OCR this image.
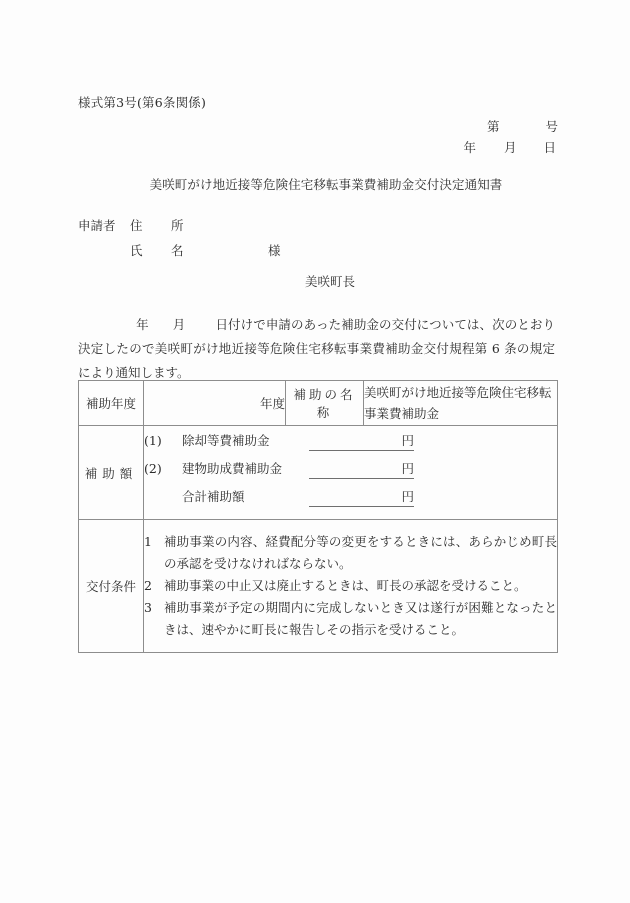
様式第3号(第6条関係)
第	号
年 月 日
美咲町がけ地近接等危険住宅移転事業費補助金交付決定通知書
申請者	住　所
氏　名	様
美咲町長
年 月 日付けで申請のあった補助金の交付については、次のとおり決定したので美咲町がけ地近接等危険住宅移転事業費補助金交付規程第 6 条の規定により通知します。
補助年度	年度	補助の名称	美咲町がけ地近接等危険住宅移転事業費補助金
補助額	
(1)	除却等費補助金	円
(2)	建物助成費補助金	円
合計補助額	円

交付条件	
1 補助事業の内容、経費配分等の変更をするときには、あらかじめ町長の承認を受けなければならない。
2 補助事業の中止又は廃止するときは、町長の承認を受けること。
3 補助事業が予定の期間内に完成しないとき又は遂行が困難となったときは、速やかに町長に報告しその指示を受けること。
